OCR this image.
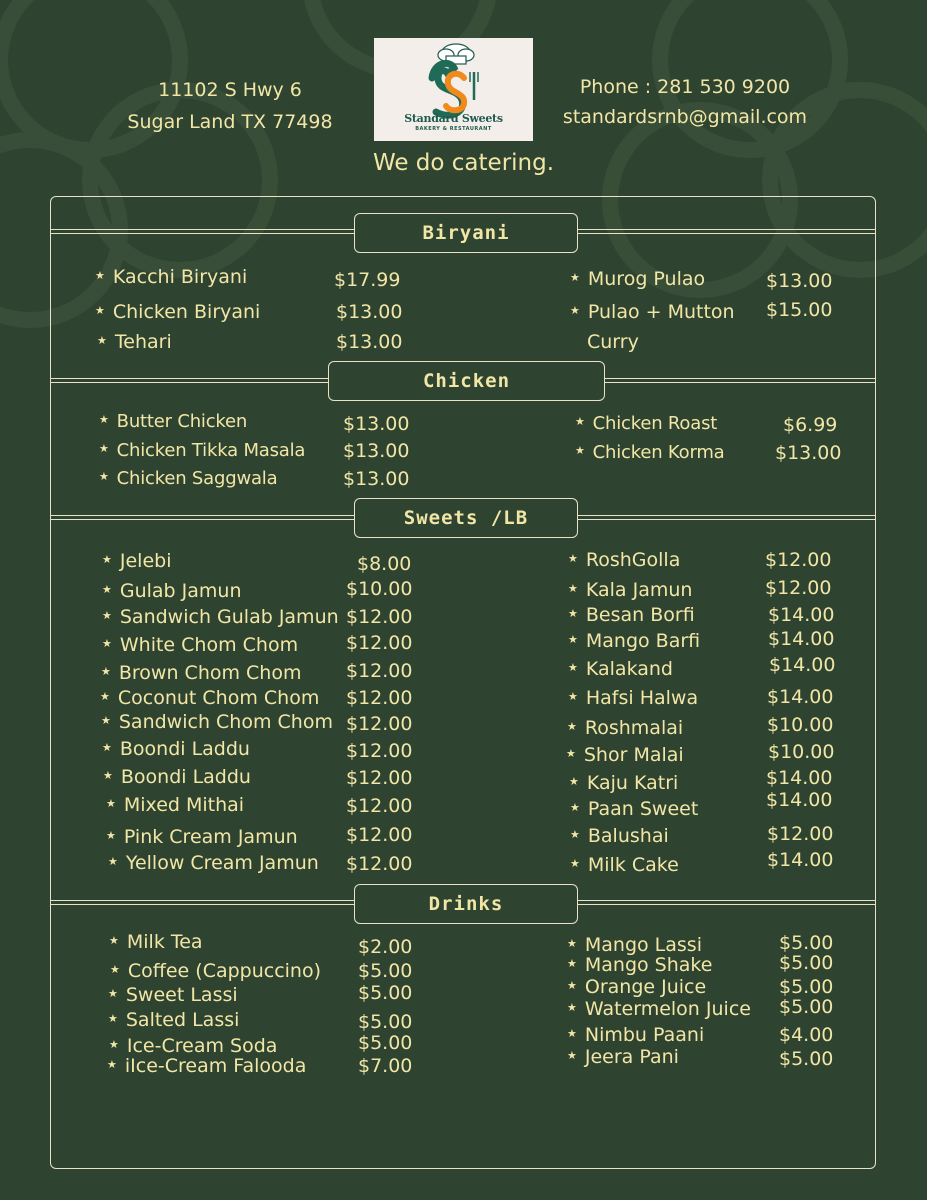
11102 S Hwy 6
Sugar Land TX 77498	Standard Sweets
BAKERY & RESTAURANT
Phone : 281 530 9200
standardsrnb@gmail.com
We do catering.
Biryani
Chicken
Sweets /LB
Drinks
★ Kacchi Biryani	$17.99
★ Chicken Biryani	$13.00
★ Tehari	$13.00
★ Murog Pulao	$13.00
★ Pulao + Mutton
Curry
$15.00
★ Butter Chicken	$13.00
★ Chicken Tikka Masala $13.00
★ Chicken Saggwala	$13.00
★ Chicken Roast	$6.99
★ Chicken Korma	$13.00
★ Jelebi	$8.00
★ Gulab Jamun	$10.00
★ Sandwich Gulab Jamun $12.00
★ White Chom Chom	$12.00
★ Brown Chom Chom $12.00
★ Coconut Chom Chom $12.00
★ Sandwich Chom Chom $12.00
★ Boondi Laddu	$12.00
★ Boondi Laddu	$12.00
★ Mixed Mithai	$12.00
★ Pink Cream Jamun	$12.00
★ Yellow Cream Jamun $12.00
★ RoshGolla	$12.00
★ Kala Jamun	$12.00
★ Besan Borfi	$14.00
★ Mango Barfi	$14.00
★ Kalakand	$14.00
★ Hafsi Halwa	$14.00
★ Roshmalai	$10.00
★ Shor Malai	$10.00
★ Kaju Katri	$14.00
★ Paan Sweet	$14.00
★ Balushai	$12.00
★ Milk Cake	$14.00
★ Milk Tea	$2.00
★ Coffee (Cappuccino) $5.00
★ Sweet Lassi	$5.00
★ Salted Lassi	$5.00
★ Ice-Cream Soda	$5.00
★ iIce-Cream Falooda	$7.00
★ Mango Lassi	$5.00
★ Mango Shake	$5.00
★ Orange Juice	$5.00
★ Watermelon Juice $5.00
★ Nimbu Paani	$4.00
★ Jeera Pani	$5.00
